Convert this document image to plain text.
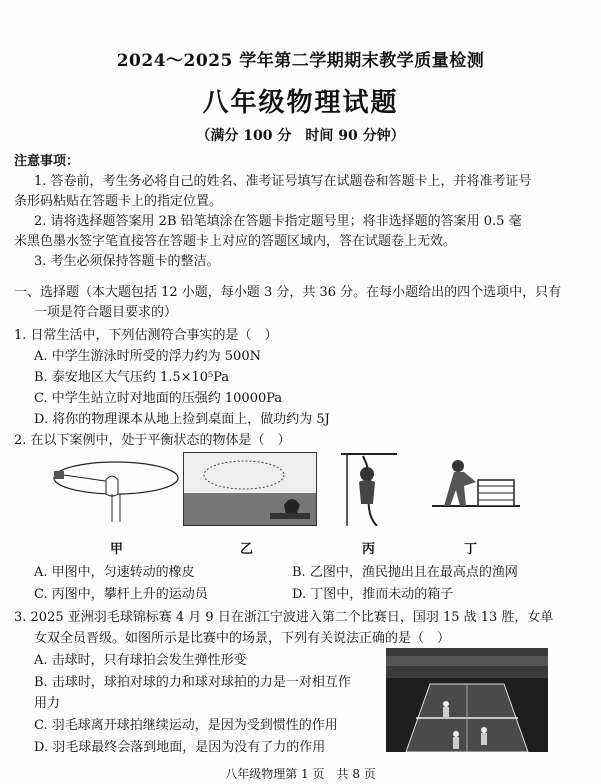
2024～2025 学年第二学期期末教学质量检测
八年级物理试题
（满分 100 分　时间 90 分钟）
注意事项：
1. 答卷前，考生务必将自己的姓名、准考证号填写在试题卷和答题卡上，并将准考证号
条形码粘贴在答题卡上的指定位置。
2. 请将选择题答案用 2B 铅笔填涂在答题卡指定题号里；将非选择题的答案用 0.5 毫
米黑色墨水签字笔直接答在答题卡上对应的答题区域内，答在试题卷上无效。
3. 考生必须保持答题卡的整洁。
一、选择题（本大题包括 12 小题，每小题 3 分，共 36 分。在每小题给出的四个选项中，只有
一项是符合题目要求的）
1. 日常生活中，下列估测符合事实的是（　）
A. 中学生游泳时所受的浮力约为 500N
B. 泰安地区大气压约 1.5×10⁵Pa
C. 中学生站立时对地面的压强约 10000Pa
D. 将你的物理课本从地上捡到桌面上，做功约为 5J
2. 在以下案例中，处于平衡状态的物体是（　）
甲	乙	丙	丁
A. 甲图中，匀速转动的橡皮	B. 乙图中，渔民抛出且在最高点的渔网
C. 丙图中，攀杆上升的运动员	D. 丁图中，推而未动的箱子
3. 2025 亚洲羽毛球锦标赛 4 月 9 日在浙江宁波进入第二个比赛日，国羽 15 战 13 胜，女单
女双全员晋级。如图所示是比赛中的场景，下列有关说法正确的是（　）
A. 击球时，只有球拍会发生弹性形变
B. 击球时，球拍对球的力和球对球拍的力是一对相互作
用力
C. 羽毛球离开球拍继续运动，是因为受到惯性的作用
D. 羽毛球最终会落到地面，是因为没有了力的作用
八年级物理第 1 页　共 8 页
